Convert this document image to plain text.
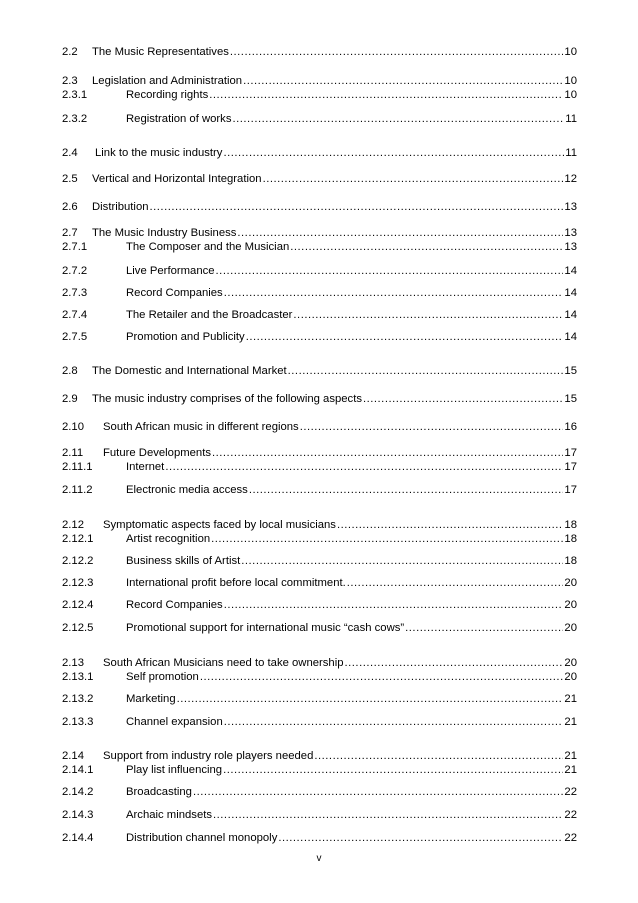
2.2	The Music Representatives .....	10
2.3	Legislation and Administration .....	10
2.3.1	Recording rights .....	10
2.3.2	Registration of works .....	11
2.4	Link to the music industry .....	11
2.5	Vertical and Horizontal Integration .....	12
2.6	Distribution .....	13
2.7	The Music Industry Business .....	13
2.7.1	The Composer and the Musician .....	13
2.7.2	Live Performance .....	14
2.7.3	Record Companies .....	14
2.7.4	The Retailer and the Broadcaster .....	14
2.7.5	Promotion and Publicity .....	14
2.8	The Domestic and International Market .....	15
2.9	The music industry comprises of the following aspects .....	15
2.10	South African music in different regions .....	16
2.11	Future Developments .....	17
2.11.1	Internet .....	17
2.11.2	Electronic media access .....	17
2.12	Symptomatic aspects faced by local musicians .....	18
2.12.1	Artist recognition .....	18
2.12.2	Business skills of Artist .....	18
2.12.3	International profit before local commitment. .....	20
2.12.4	Record Companies .....	20
2.12.5	Promotional support for international music “cash cows” .....	20
2.13	South African Musicians need to take ownership .....	20
2.13.1	Self promotion .....	20
2.13.2	Marketing .....	21
2.13.3	Channel expansion .....	21
2.14	Support from industry role players needed .....	21
2.14.1	Play list influencing .....	21
2.14.2	Broadcasting .....	22
2.14.3	Archaic mindsets .....	22
2.14.4	Distribution channel monopoly .....	22
v
